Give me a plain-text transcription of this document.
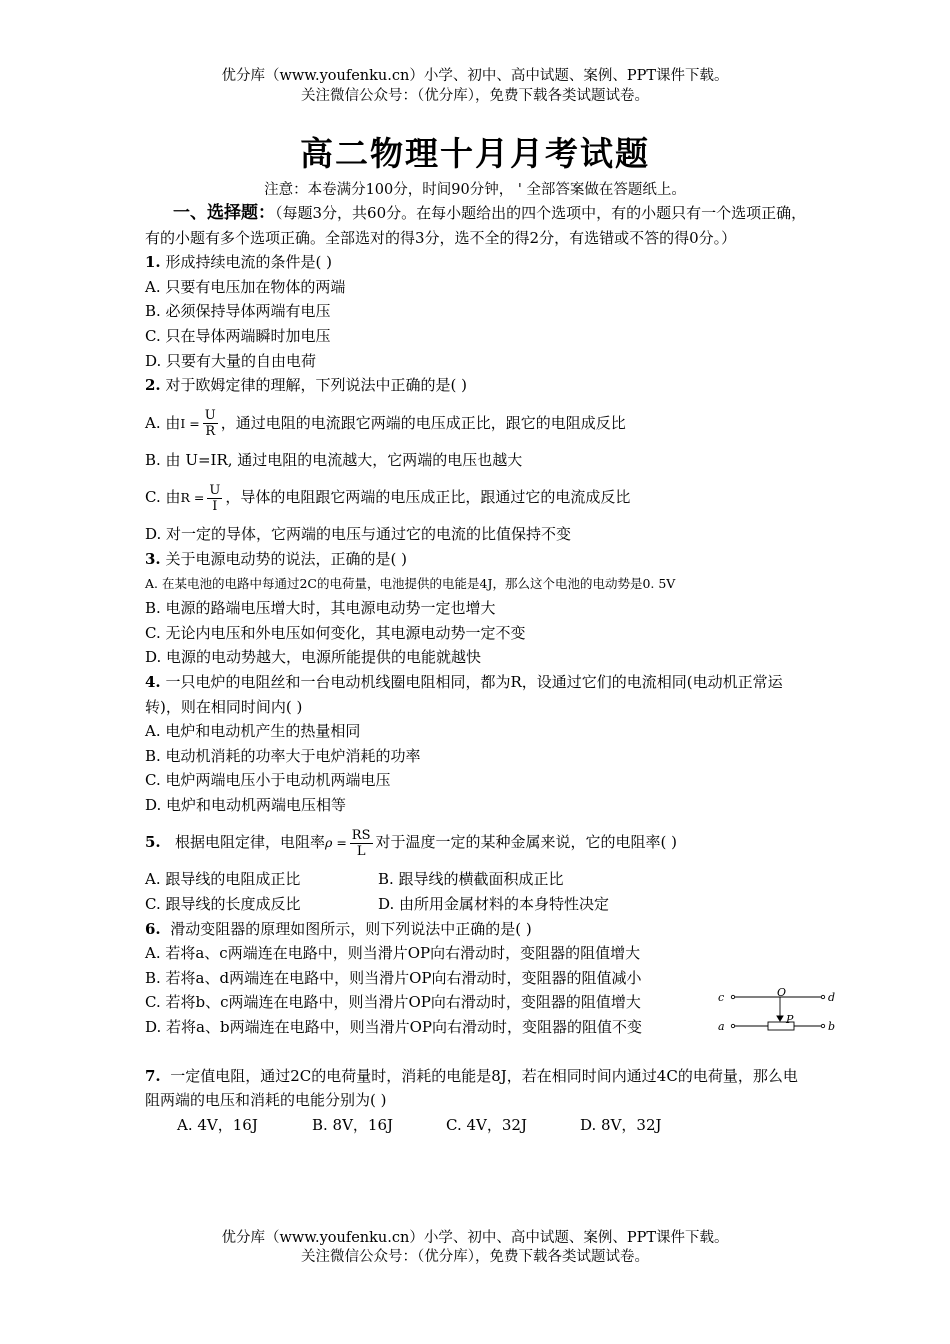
优分库（www.youfenku.cn）小学、初中、高中试题、案例、PPT课件下载。
关注微信公众号：（优分库），免费下载各类试题试卷。
高二物理十月月考试题
注意：本卷满分100分，时间90分钟， ' 全部答案做在答题纸上。
一、选择题：（每题3分，共60分。在每小题给出的四个选项中，有的小题只有一个选项正确，有的小题有多个选项正确。全部选对的得3分，选不全的得2分，有选错或不答的得0分。）
1. 形成持续电流的条件是( )
A. 只要有电压加在物体的两端
B. 必须保持导体两端有电压
C. 只在导体两端瞬时加电压
D. 只要有大量的自由电荷
2. 对于欧姆定律的理解，下列说法中正确的是( )
A. 由$I = \frac{U}{R}$ ，通过电阻的电流跟它两端的电压成正比，跟它的电阻成反比
B. 由 U=IR, 通过电阻的电流越大，它两端的电压也越大
C. 由$R = \frac{U}{I}$ ，导体的电阻跟它两端的电压成正比，跟通过它的电流成反比
D. 对一定的导体，它两端的电压与通过它的电流的比值保持不变
3. 关于电源电动势的说法，正确的是( )
A. 在某电池的电路中每通过2C的电荷量，电池提供的电能是4J，那么这个电池的电动势是0. 5V
B. 电源的路端电压增大时，其电源电动势一定也增大
C. 无论内电压和外电压如何变化，其电源电动势一定不变
D. 电源的电动势越大，电源所能提供的电能就越快
4. 一只电炉的电阻丝和一台电动机线圈电阻相同，都为R，设通过它们的电流相同(电动机正常运转)，则在相同时间内( )
A. 电炉和电动机产生的热量相同
B. 电动机消耗的功率大于电炉消耗的功率
C. 电炉两端电压小于电动机两端电压
D. 电炉和电动机两端电压相等
5. 根据电阻定律，电阻率$\rho = \frac{RS}{L}$ 对于温度一定的某种金属来说，它的电阻率( )
A. 跟导线的电阻成正比	B. 跟导线的横截面积成正比
C. 跟导线的长度成反比	D. 由所用金属材料的本身特性决定
6. 滑动变阻器的原理如图所示，则下列说法中正确的是( )
A. 若将a、c两端连在电路中，则当滑片OP向右滑动时，变阻器的阻值增大
B. 若将a、d两端连在电路中，则当滑片OP向右滑动时，变阻器的阻值减小
C. 若将b、c两端连在电路中，则当滑片OP向右滑动时，变阻器的阻值增大
D. 若将a、b两端连在电路中，则当滑片OP向右滑动时，变阻器的阻值不变
7. 一定值电阻，通过2C的电荷量时，消耗的电能是8J，若在相同时间内通过4C的电荷量，那么电阻两端的电压和消耗的电能分别为( )
A. 4V，16J	B. 8V，16J	C. 4V，32J	D. 8V，32J
c	O	d
a
P
b
优分库（www.youfenku.cn）小学、初中、高中试题、案例、PPT课件下载。
关注微信公众号：（优分库），免费下载各类试题试卷。
